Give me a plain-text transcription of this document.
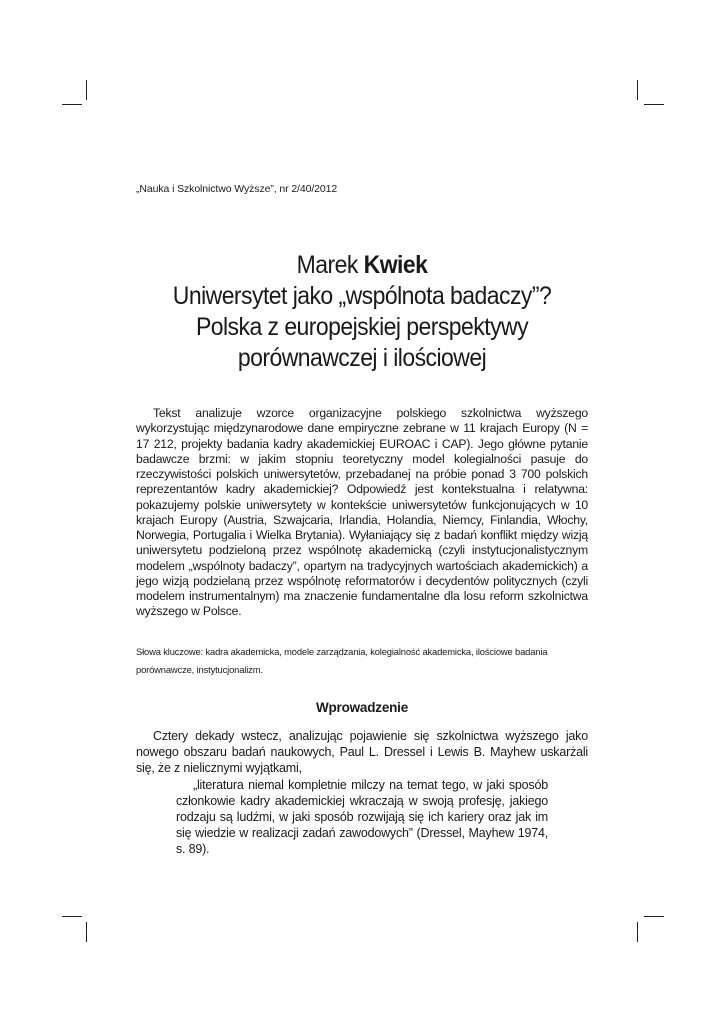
„Nauka i Szkolnictwo Wyższe”, nr 2/40/2012
Marek Kwiek
Uniwersytet jako „wspólnota badaczy”?
Polska z europejskiej perspektywy
porównawczej i ilościowej

Tekst analizuje wzorce organizacyjne polskiego szkolnictwa wyższego wykorzystując międzynarodowe dane empiryczne zebrane w 11 krajach Europy (N = 17 212, projekty badania kadry akademickiej EUROAC i CAP). Jego główne pytanie badawcze brzmi: w jakim stopniu teoretyczny model kolegialności pasuje do rzeczywistości polskich uniwersytetów, przebadanej na próbie ponad 3 700 polskich reprezentantów kadry akademickiej? Odpowiedź jest kontekstualna i relatywna: pokazujemy polskie uniwersytety w kontekście uniwersytetów funkcjonujących w 10 krajach Europy (Austria, Szwajcaria, Irlandia, Holandia, Niemcy, Finlandia, Włochy, Norwegia, Portugalia i Wielka Brytania). Wyłaniający się z badań konflikt między wizją uniwersytetu podzieloną przez wspólnotę akademicką (czyli instytucjonalistycznym modelem „wspólnoty badaczy”, opartym na tradycyjnych wartościach akademickich) a jego wizją podzielaną przez wspólnotę reformatorów i decydentów politycznych (czyli modelem instrumentalnym) ma znaczenie fundamentalne dla losu reform szkolnictwa wyższego w Polsce.

Słowa kluczowe: kadra akademicka, modele zarządzania, kolegialność akademicka, ilościowe badania porównawcze, instytucjonalizm.
Wprowadzenie

Cztery dekady wstecz, analizując pojawienie się szkolnictwa wyższego jako nowego obszaru badań naukowych, Paul L. Dressel i Lewis B. Mayhew uskarżali się, że z nielicznymi wyjątkami,

„literatura niemal kompletnie milczy na temat tego, w jaki sposób członkowie kadry akademickiej wkraczają w swoją profesję, jakiego rodzaju są ludźmi, w jaki sposób rozwijają się ich kariery oraz jak im się wiedzie w realizacji zadań zawodowych” (Dressel, Mayhew 1974, s. 89).
